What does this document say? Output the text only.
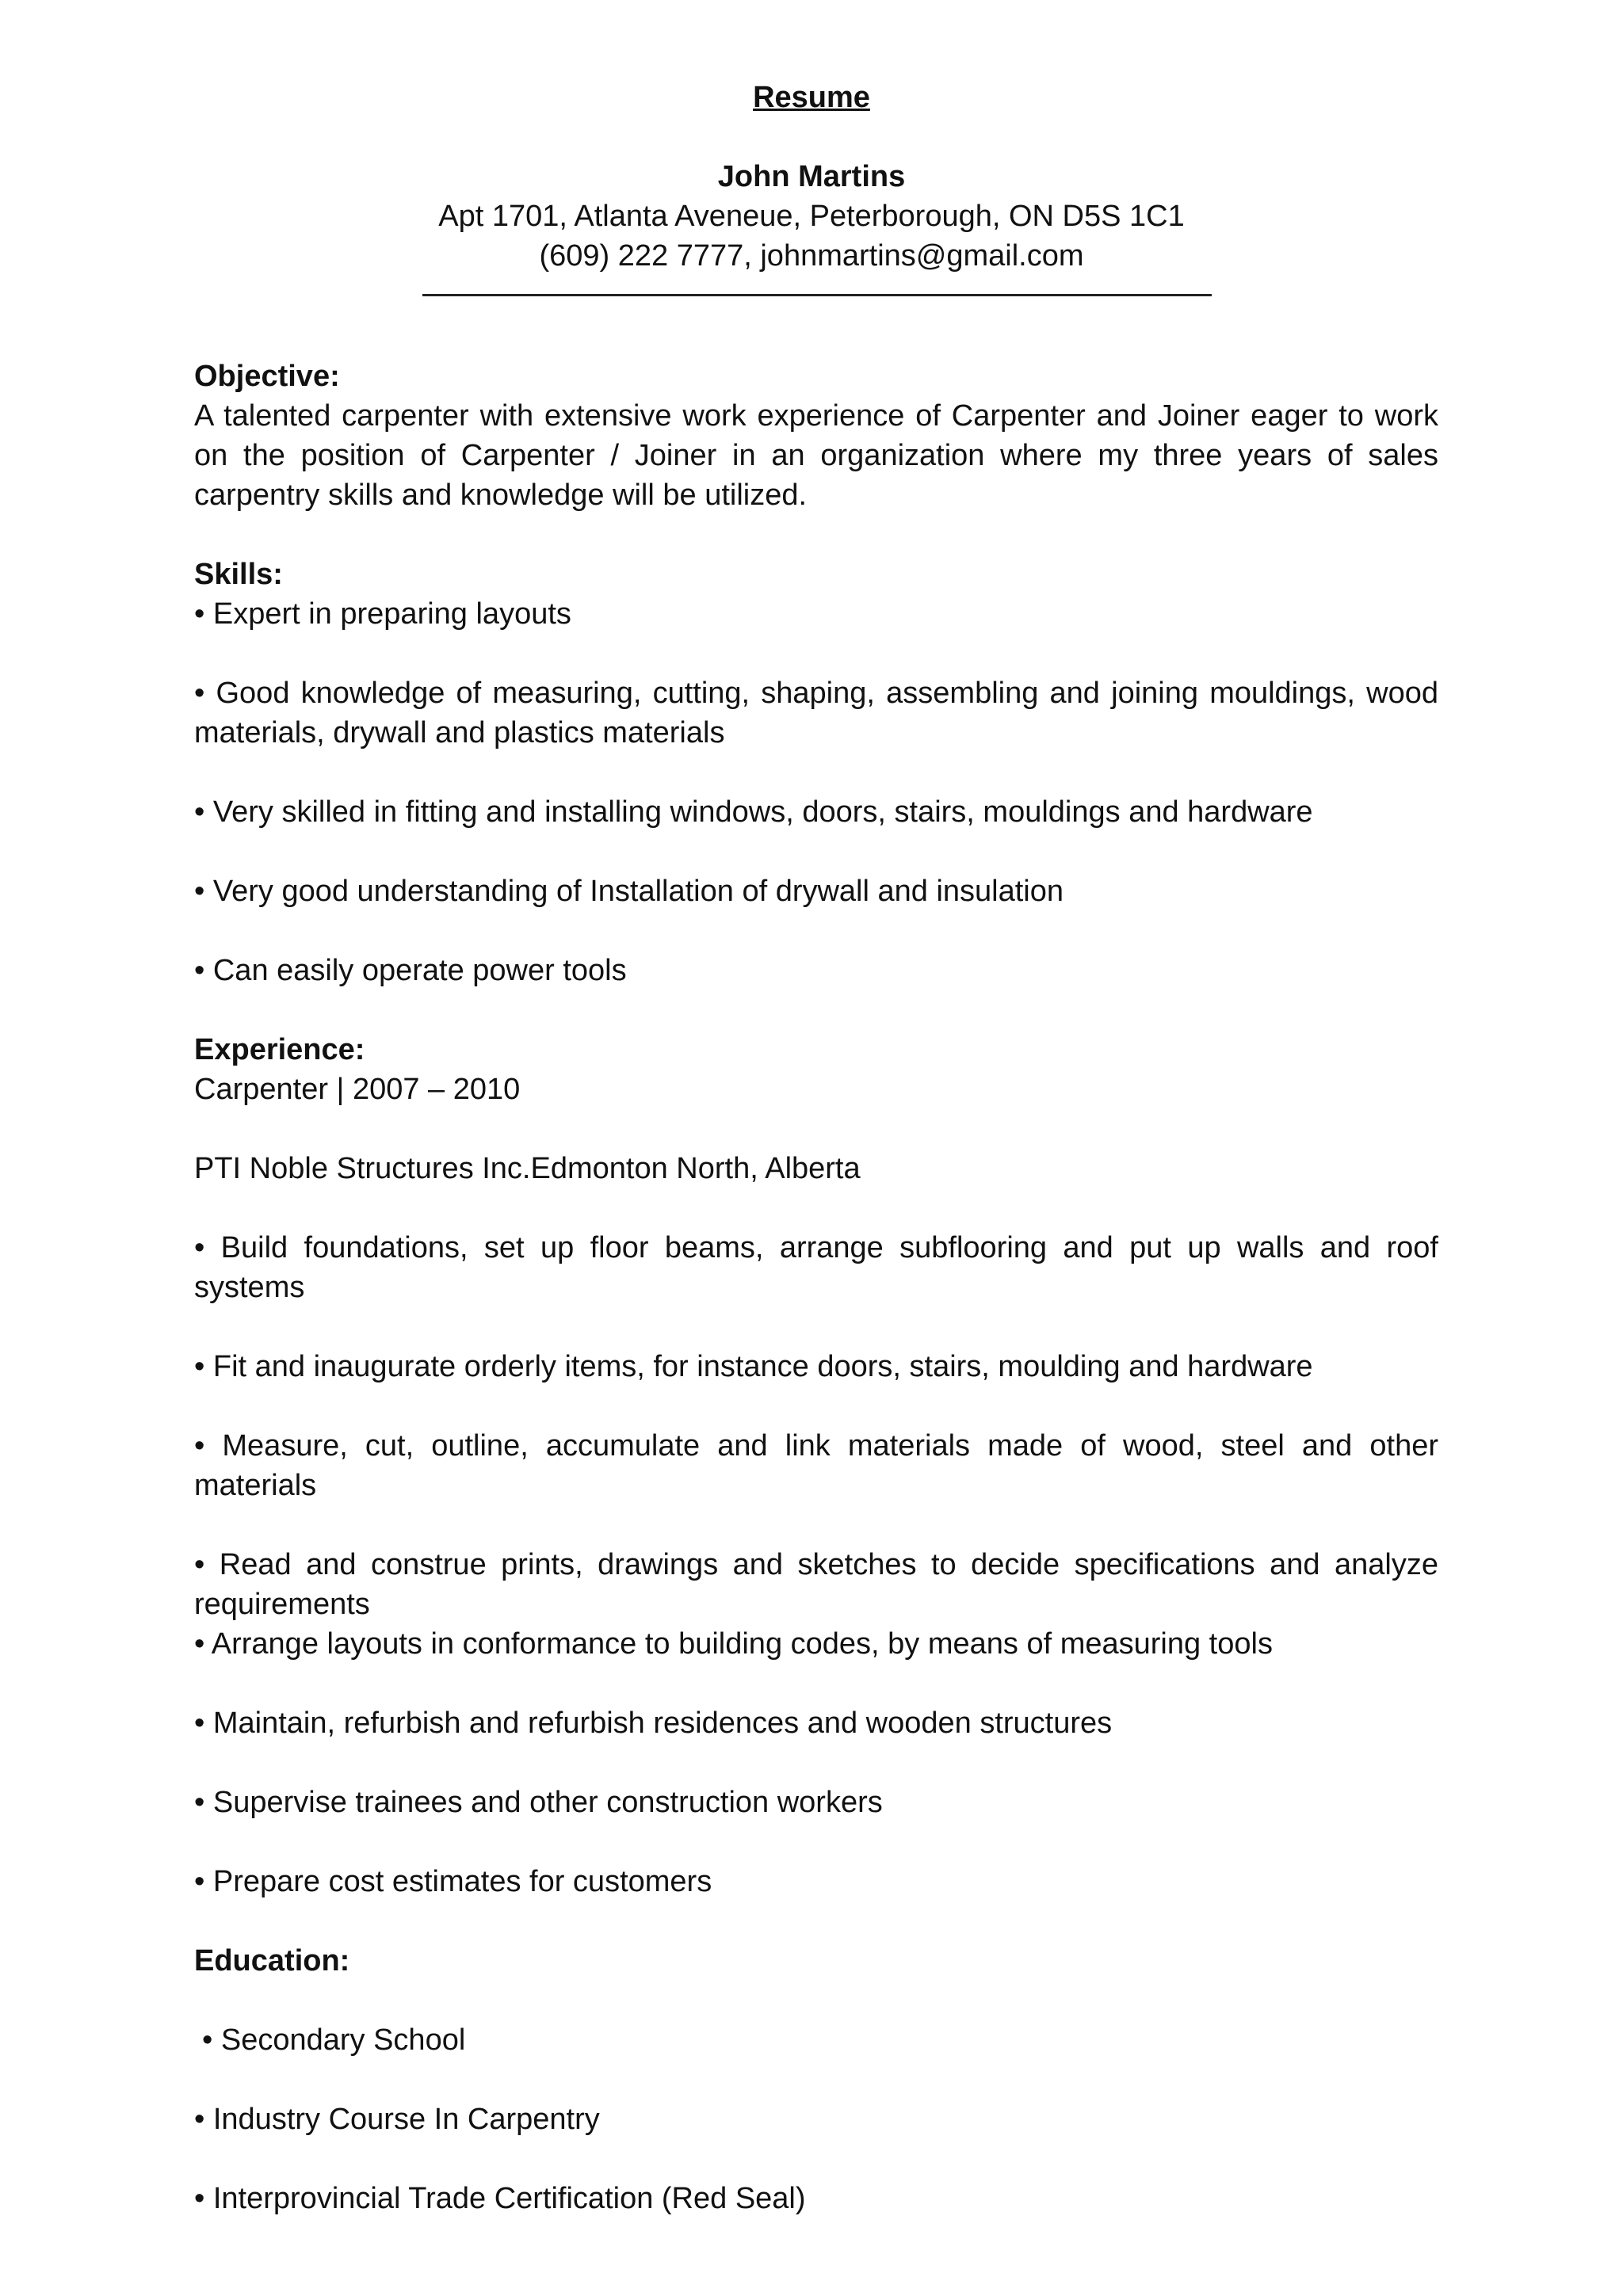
Resume
John Martins
Apt 1701, Atlanta Aveneue, Peterborough, ON D5S 1C1
(609) 222 7777, johnmartins@gmail.com

Objective:

A talented carpenter with extensive work experience of Carpenter and Joiner eager to work on the position of Carpenter / Joiner in an organization where my three years of sales carpentry skills and knowledge will be utilized.

Skills:

• Expert in preparing layouts

• Good knowledge of measuring, cutting, shaping, assembling and joining mouldings, wood materials, drywall and plastics materials

• Very skilled in fitting and installing windows, doors, stairs, mouldings and hardware

• Very good understanding of Installation of drywall and insulation

• Can easily operate power tools

Experience:

Carpenter | 2007 – 2010

PTI Noble Structures Inc.Edmonton North, Alberta

• Build foundations, set up floor beams, arrange subflooring and put up walls and roof systems

• Fit and inaugurate orderly items, for instance doors, stairs, moulding and hardware

• Measure, cut, outline, accumulate and link materials made of wood, steel and other materials

• Read and construe prints, drawings and sketches to decide specifications and analyze requirements

• Arrange layouts in conformance to building codes, by means of measuring tools

• Maintain, refurbish and refurbish residences and wooden structures

• Supervise trainees and other construction workers

• Prepare cost estimates for customers

Education:

• Secondary School

• Industry Course In Carpentry

• Interprovincial Trade Certification (Red Seal)
